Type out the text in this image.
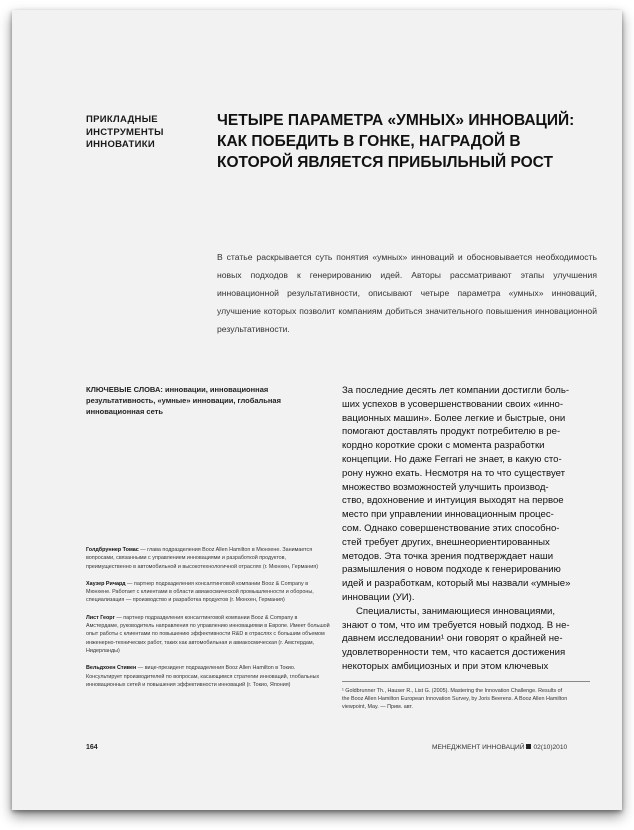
ПРИКЛАДНЫЕ
ИНСТРУМЕНТЫ
ИННОВАТИКИ
ЧЕТЫРЕ ПАРАМЕТРА «УМНЫХ» ИННОВАЦИЙ:
КАК ПОБЕДИТЬ В ГОНКЕ, НАГРАДОЙ В
КОТОРОЙ ЯВЛЯЕТСЯ ПРИБЫЛЬНЫЙ РОСТ
В статье раскрывается суть понятия «умных» инноваций и обосновывается необходимость новых подходов к генерированию идей. Авторы рассматривают этапы улучшения инновационной результативности, описывают четыре параметра «умных» инноваций, улучшение которых позволит компаниям добиться значительного повышения инновационной результативности.
КЛЮЧЕВЫЕ СЛОВА: инновации, инновационная результативность, «умные» инновации, глобальная инновационная сеть
Голдбруннер Томас — глава подразделения Booz Allen Hamilton в Мюнхене. Занимается вопросами, связанными с управлением инновациями и разработкой продуктов, преимущественно в автомобильной и высокотехнологичной отраслях (г. Мюнхен, Германия)
Хаузер Ричард — партнер подразделения консалтинговой компании Booz & Company в Мюнхене. Работает с клиентами в области авиакосмической промышленности и обороны, специализация — производство и разработка продуктов (г. Мюнхен, Германия)
Лист Георг — партнер подразделения консалтинговой компании Booz & Company в Амстердаме, руководитель направления по управлению инновациями в Европе. Имеет большой опыт работы с клиентами по повышению эффективности R&D в отраслях с большим объемом инженерно-технических работ, таких как автомобильная и авиакосмическая (г. Амстердам, Нидерланды)
Вельдхоен Стивен — вице-президент подразделения Booz Allen Hamilton в Токио. Консультирует производителей по вопросам, касающимся стратегии инноваций, глобальных инновационных сетей и повышения эффективности инноваций (г. Токио, Япония)
За последние десять лет компании достигли боль-
ших успехов в усовершенствовании своих «инно-
вационных машин». Более легкие и быстрые, они
помогают доставлять продукт потребителю в ре-
кордно короткие сроки с момента разработки
концепции. Но даже Ferrari не знает, в какую сто-
рону нужно ехать. Несмотря на то что существует
множество возможностей улучшить производ-
ство, вдохновение и интуиция выходят на первое
место при управлении инновационным процес-
сом. Однако совершенствование этих способно-
стей требует других, внешнеориентированных
методов. Эта точка зрения подтверждает наши
размышления о новом подходе к генерированию
идей и разработкам, который мы назвали «умные»
инновации (УИ).
Специалисты, занимающиеся инновациями,
знают о том, что им требуется новый подход. В не-
давнем исследовании¹ они говорят о крайней не-
удовлетворенности тем, что касается достижения
некоторых амбициозных и при этом ключевых
¹ Goldbrunner Th., Hauser R., List G. (2005). Mastering the Innovation Challenge. Results of
the Booz Allen Hamilton European Innovation Survey, by Joris Beerens. A Booz Allen Hamilton
viewpoint, May. — Прим. авт.
164	МЕНЕДЖМЕНТ ИННОВАЦИЙ 02(10)2010
